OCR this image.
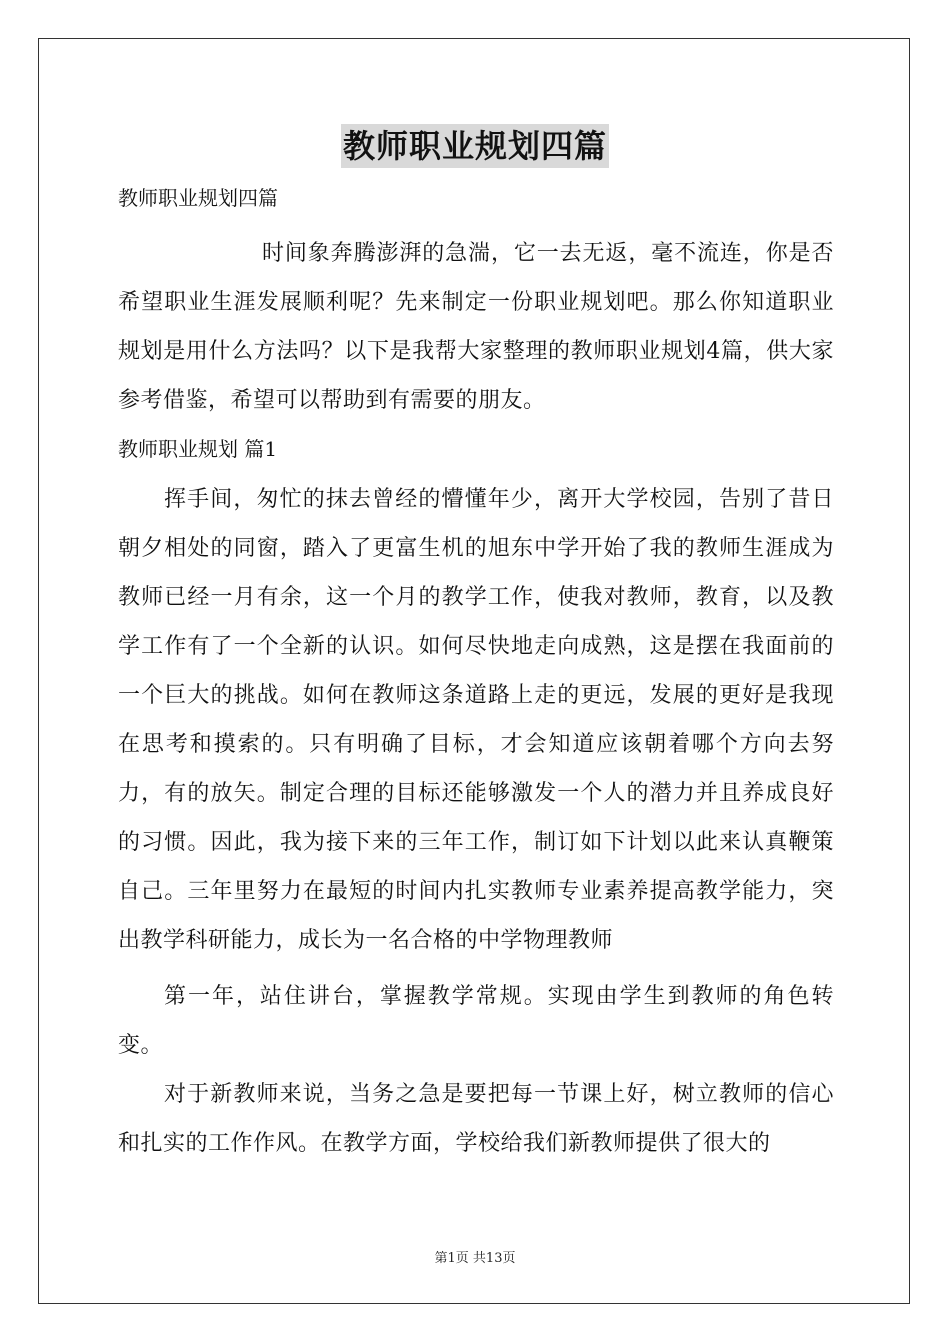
教师职业规划四篇
教师职业规划四篇
时间象奔腾澎湃的急湍，它一去无返，毫不流连，你是否希望职业生涯发展顺利呢？先来制定一份职业规划吧。那么你知道职业规划是用什么方法吗？以下是我帮大家整理的教师职业规划4篇，供大家参考借鉴，希望可以帮助到有需要的朋友。
教师职业规划 篇1
挥手间，匆忙的抹去曾经的懵懂年少，离开大学校园，告别了昔日朝夕相处的同窗，踏入了更富生机的旭东中学开始了我的教师生涯成为教师已经一月有余，这一个月的教学工作，使我对教师，教育，以及教学工作有了一个全新的认识。如何尽快地走向成熟，这是摆在我面前的一个巨大的挑战。如何在教师这条道路上走的更远，发展的更好是我现在思考和摸索的。只有明确了目标，才会知道应该朝着哪个方向去努力，有的放矢。制定合理的目标还能够激发一个人的潜力并且养成良好的习惯。因此，我为接下来的三年工作，制订如下计划以此来认真鞭策自己。三年里努力在最短的时间内扎实教师专业素养提高教学能力，突出教学科研能力，成长为一名合格的中学物理教师
第一年，站住讲台，掌握教学常规。实现由学生到教师的角色转变。
对于新教师来说，当务之急是要把每一节课上好，树立教师的信心和扎实的工作作风。在教学方面，学校给我们新教师提供了很大的
第1页 共13页
